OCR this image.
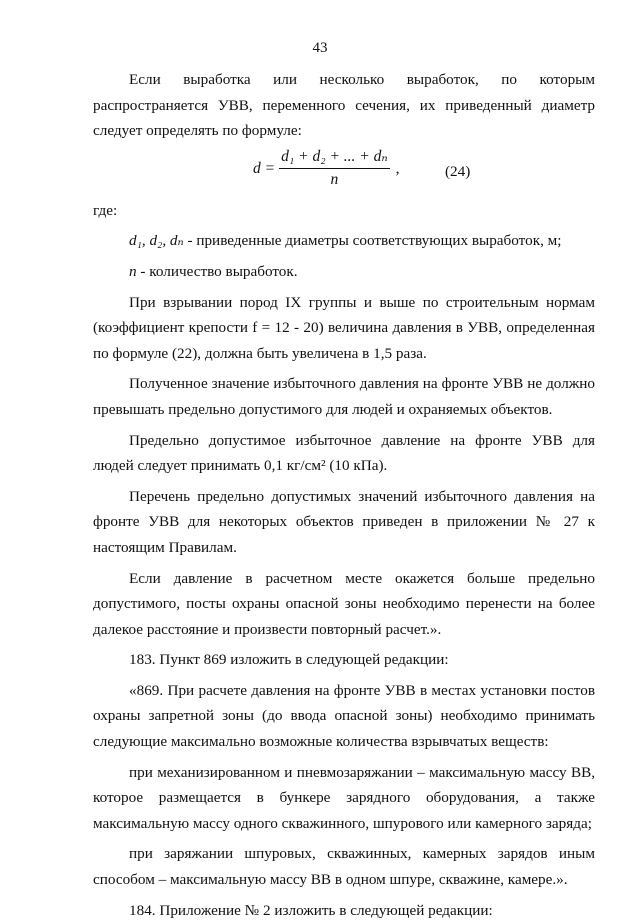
43

Если выработка или несколько выработок, по которым распространяется УВВ, переменного сечения, их приведенный диаметр следует определять по формуле:

$d = \frac{\text{d₁ + d₂ + ... + dₙ}}{n}$ ,	(24)

где:

d₁, d₂, dₙ - приведенные диаметры соответствующих выработок, м;

n - количество выработок.

При взрывании пород IX группы и выше по строительным нормам (коэффициент крепости f = 12 - 20) величина давления в УВВ, определенная по формуле (22), должна быть увеличена в 1,5 раза.

Полученное значение избыточного давления на фронте УВВ не должно превышать предельно допустимого для людей и охраняемых объектов.

Предельно допустимое избыточное давление на фронте УВВ для людей следует принимать 0,1 кг/см² (10 кПа).

Перечень предельно допустимых значений избыточного давления на фронте УВВ для некоторых объектов приведен в приложении № 27 к настоящим Правилам.

Если давление в расчетном месте окажется больше предельно допустимого, посты охраны опасной зоны необходимо перенести на более далекое расстояние и произвести повторный расчет.».

183. Пункт 869 изложить в следующей редакции:

«869. При расчете давления на фронте УВВ в местах установки постов охраны запретной зоны (до ввода опасной зоны) необходимо принимать следующие максимально возможные количества взрывчатых веществ:

при механизированном и пневмозаряжании – максимальную массу ВВ, которое размещается в бункере зарядного оборудования, а также максимальную массу одного скважинного, шпурового или камерного заряда;

при заряжании шпуровых, скважинных, камерных зарядов иным способом – максимальную массу ВВ в одном шпуре, скважине, камере.».

184. Приложение № 2 изложить в следующей редакции:
